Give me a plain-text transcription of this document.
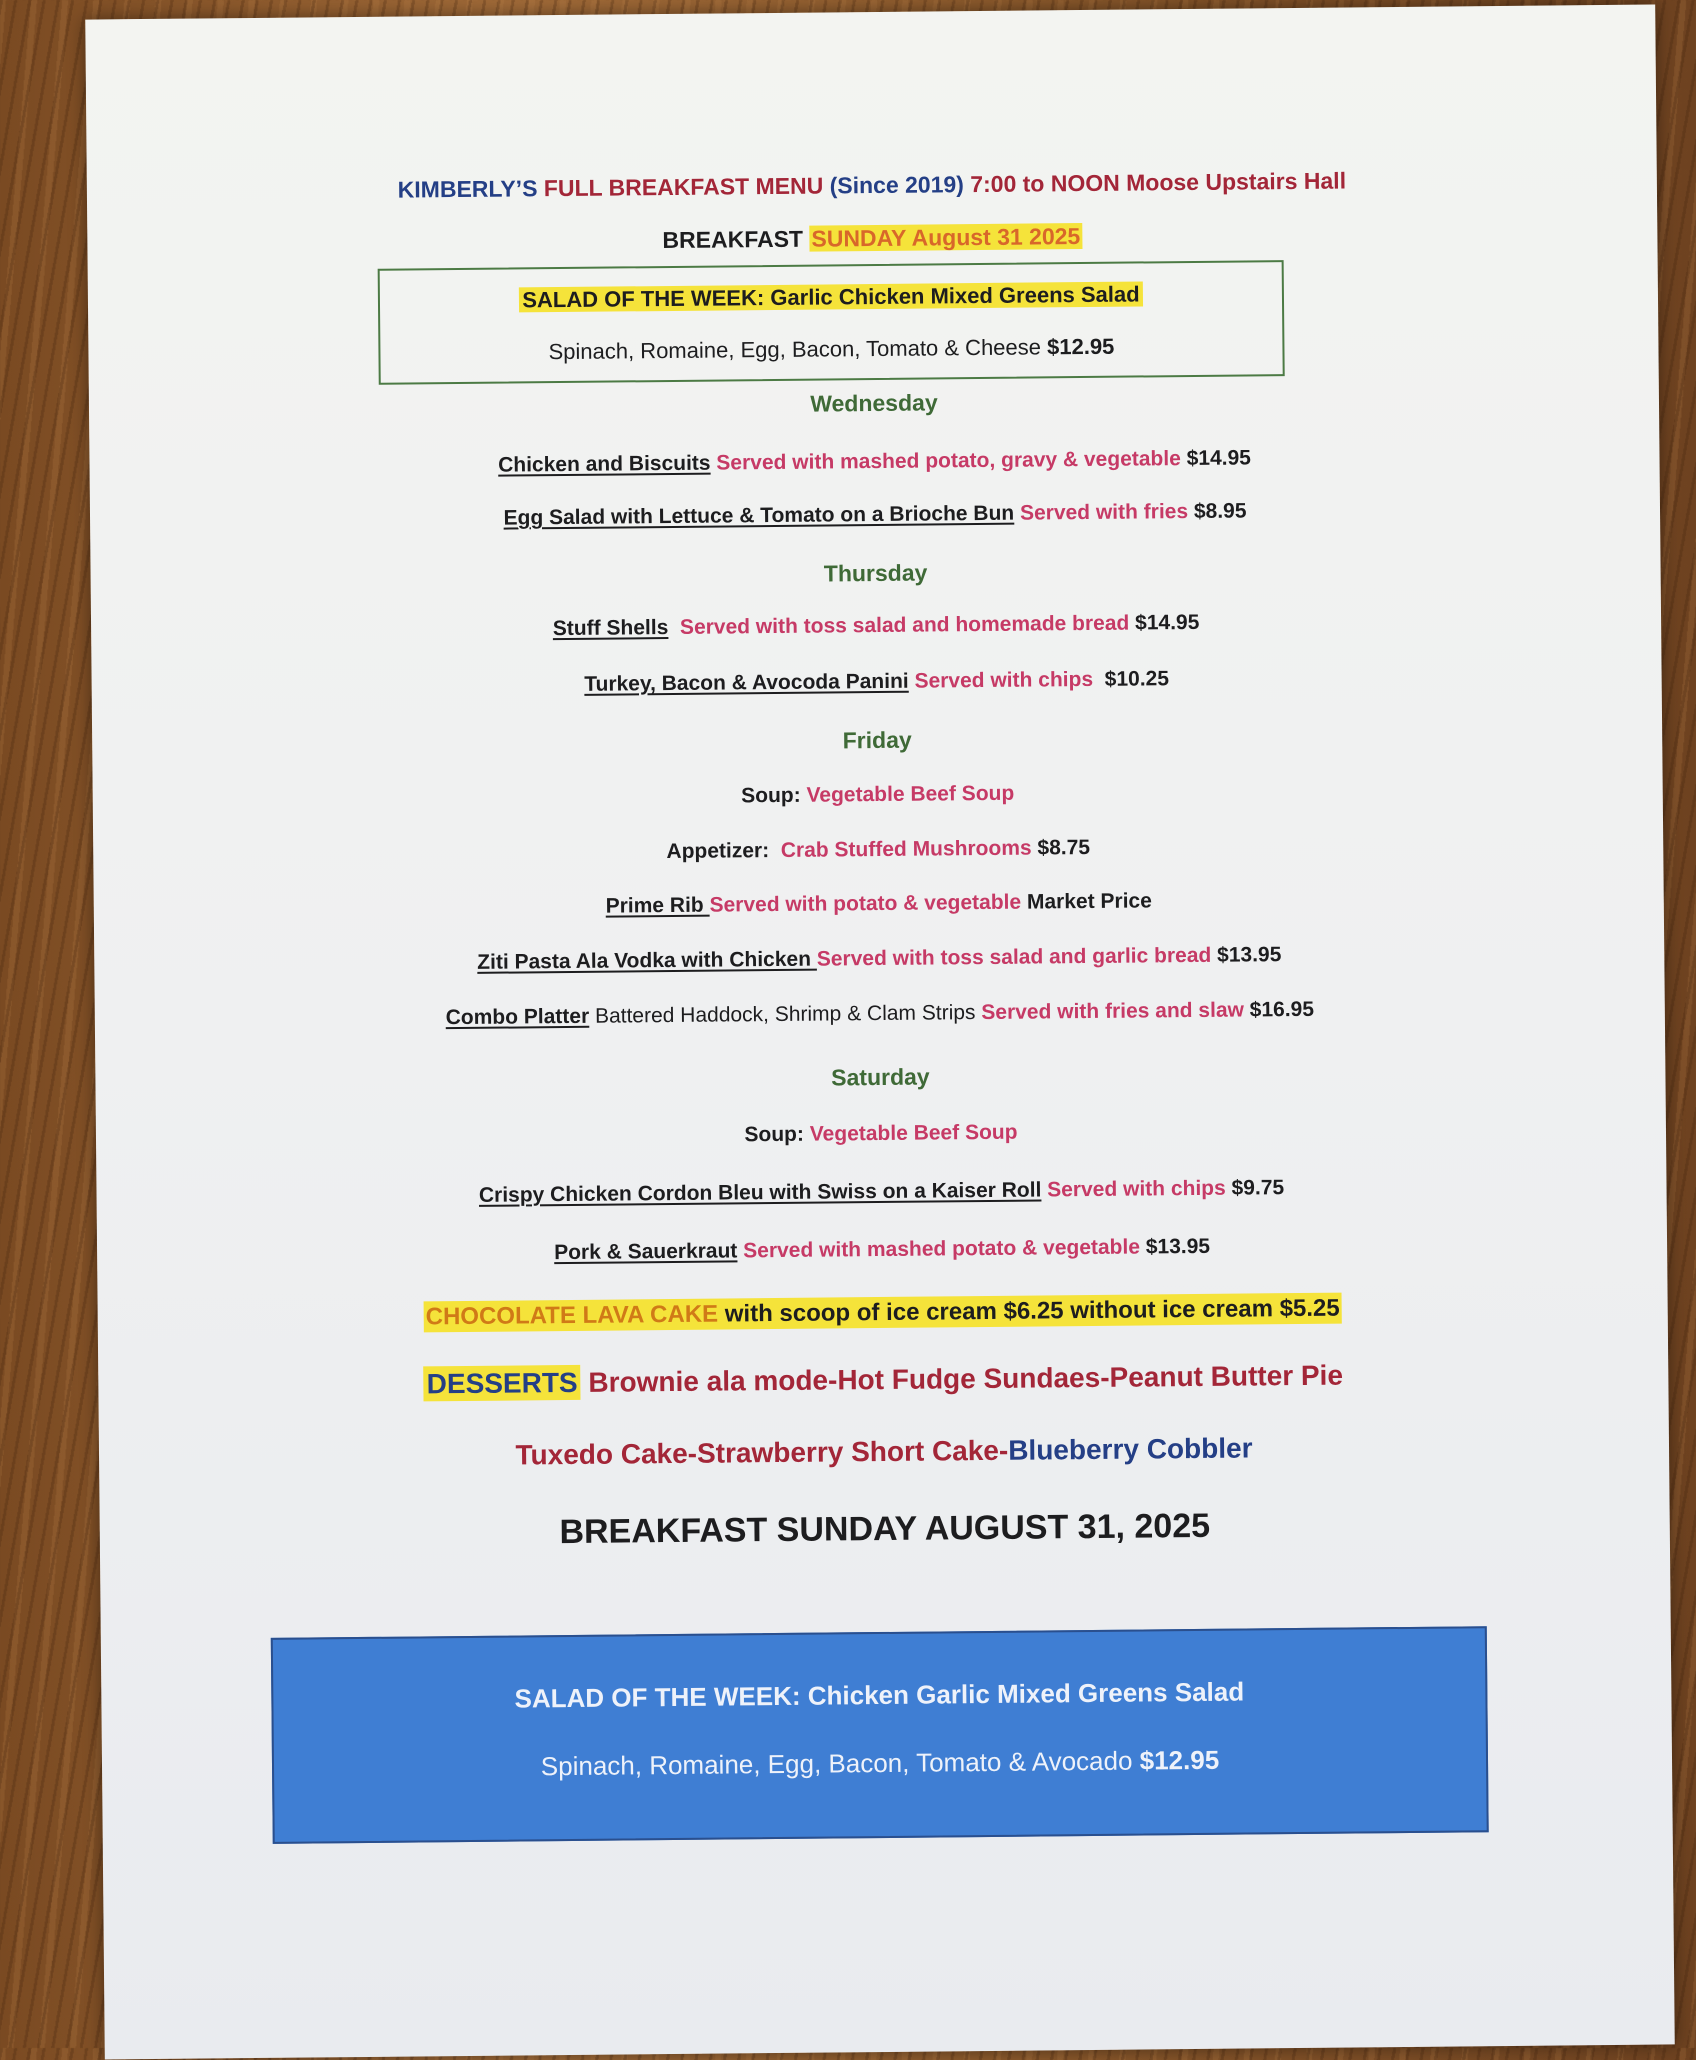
KIMBERLY’S FULL BREAKFAST MENU (Since 2019) 7:00 to NOON Moose Upstairs Hall
BREAKFAST SUNDAY August 31 2025
SALAD OF THE WEEK: Garlic Chicken Mixed Greens Salad
Spinach, Romaine, Egg, Bacon, Tomato & Cheese $12.95
Wednesday
Chicken and Biscuits Served with mashed potato, gravy & vegetable $14.95
Egg Salad with Lettuce & Tomato on a Brioche Bun Served with fries $8.95
Thursday
Stuff Shells  Served with toss salad and homemade bread $14.95
Turkey, Bacon & Avocoda Panini Served with chips  $10.25
Friday
Soup: Vegetable Beef Soup
Appetizer:  Crab Stuffed Mushrooms $8.75
Prime Rib Served with potato & vegetable Market Price
Ziti Pasta Ala Vodka with Chicken Served with toss salad and garlic bread $13.95
Combo Platter Battered Haddock, Shrimp & Clam Strips Served with fries and slaw $16.95
Saturday
Soup: Vegetable Beef Soup
Crispy Chicken Cordon Bleu with Swiss on a Kaiser Roll Served with chips $9.75
Pork & Sauerkraut Served with mashed potato & vegetable $13.95
CHOCOLATE LAVA CAKE with scoop of ice cream $6.25 without ice cream $5.25
DESSERTS Brownie ala mode-Hot Fudge Sundaes-Peanut Butter Pie
Tuxedo Cake-Strawberry Short Cake-Blueberry Cobbler
BREAKFAST SUNDAY AUGUST 31, 2025
SALAD OF THE WEEK: Chicken Garlic Mixed Greens Salad
Spinach, Romaine, Egg, Bacon, Tomato & Avocado $12.95
